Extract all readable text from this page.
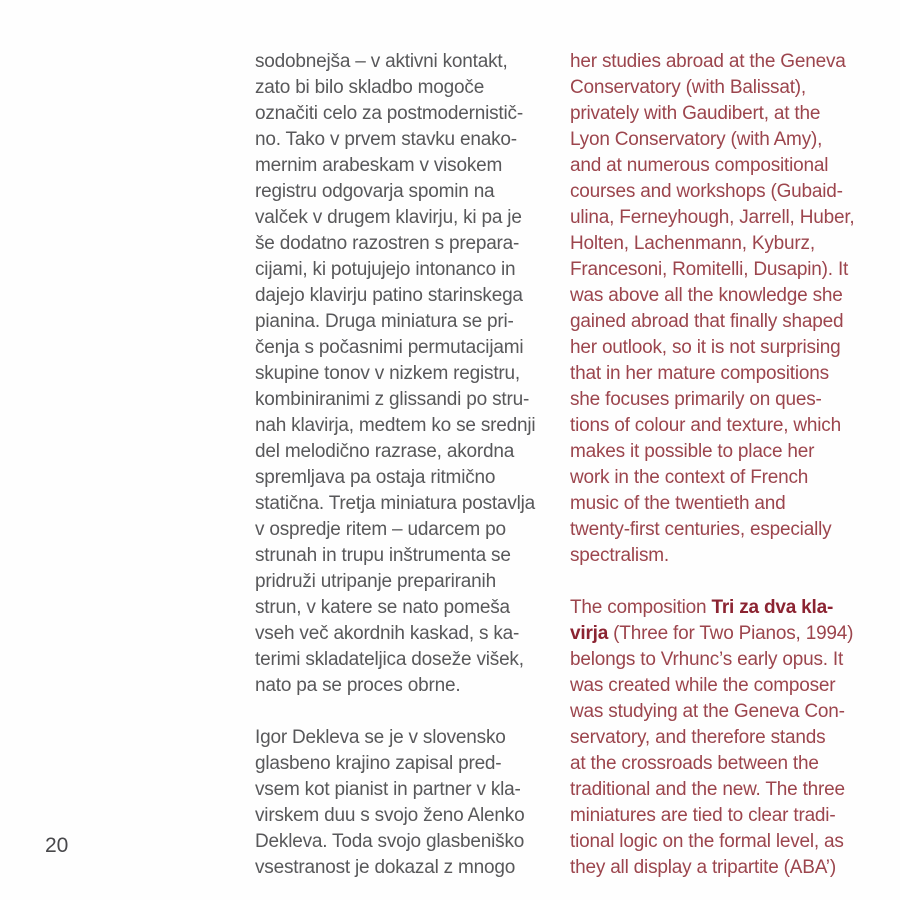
sodobnejša – v aktivni kontakt,
zato bi bilo skladbo mogoče
označiti celo za postmodernistič-
no. Tako v prvem stavku enako-
mernim arabeskam v visokem
registru odgovarja spomin na
valček v drugem klavirju, ki pa je
še dodatno razostren s prepara-
cijami, ki potujujejo intonanco in
dajejo klavirju patino starinskega
pianina. Druga miniatura se pri-
čenja s počasnimi permutacijami
skupine tonov v nizkem registru,
kombiniranimi z glissandi po stru-
nah klavirja, medtem ko se srednji
del melodično razrase, akordna
spremljava pa ostaja ritmično
statična. Tretja miniatura postavlja
v ospredje ritem – udarcem po
strunah in trupu inštrumenta se
pridruži utripanje prepariranih
strun, v katere se nato pomeša
vseh več akordnih kaskad, s ka-
terimi skladateljica doseže višek,
nato pa se proces obrne.
Igor Dekleva se je v slovensko
glasbeno krajino zapisal pred-
vsem kot pianist in partner v kla-
virskem duu s svojo ženo Alenko
Dekleva. Toda svojo glasbeniško
vsestranost je dokazal z mnogo
her studies abroad at the Geneva
Conservatory (with Balissat),
privately with Gaudibert, at the
Lyon Conservatory (with Amy),
and at numerous compositional
courses and workshops (Gubaid-
ulina, Ferneyhough, Jarrell, Huber,
Holten, Lachenmann, Kyburz,
Francesoni, Romitelli, Dusapin). It
was above all the knowledge she
gained abroad that finally shaped
her outlook, so it is not surprising
that in her mature compositions
she focuses primarily on ques-
tions of colour and texture, which
makes it possible to place her
work in the context of French
music of the twentieth and
twenty-first centuries, especially
spectralism.
The composition Tri za dva kla-
virja (Three for Two Pianos, 1994)
belongs to Vrhunc’s early opus. It
was created while the composer
was studying at the Geneva Con-
servatory, and therefore stands
at the crossroads between the
traditional and the new. The three
miniatures are tied to clear tradi-
tional logic on the formal level, as
they all display a tripartite (ABA’)
20
